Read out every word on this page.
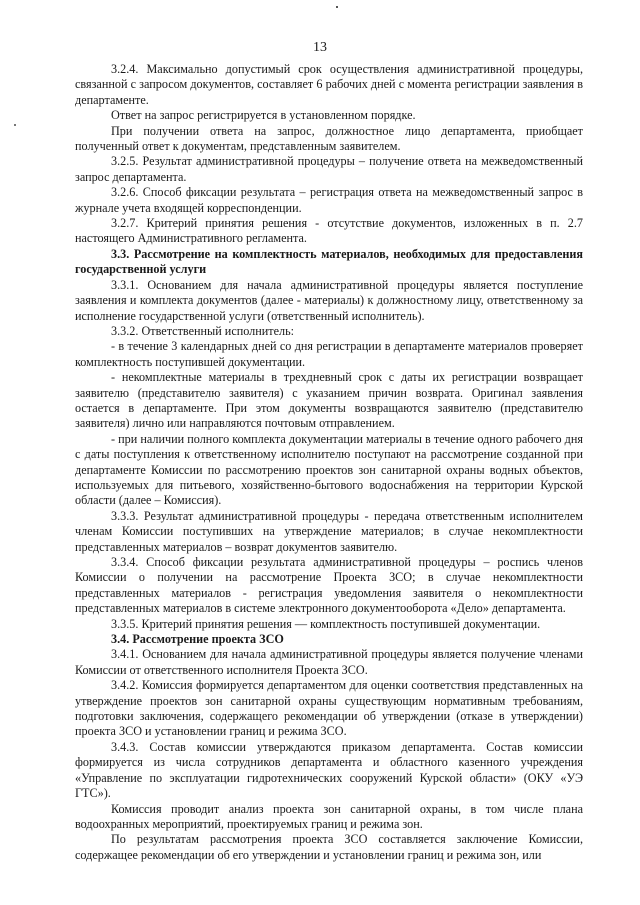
13

3.2.4. Максимально допустимый срок осуществления административной процедуры, связанной с запросом документов, составляет 6 рабочих дней с момента регистрации заявления в департаменте.

Ответ на запрос регистрируется в установленном порядке.

При получении ответа на запрос, должностное лицо департамента, приобщает полученный ответ к документам, представленным заявителем.

3.2.5. Результат административной процедуры – получение ответа на межведомственный запрос департамента.

3.2.6. Способ фиксации результата – регистрация ответа на межведомственный запрос в журнале учета входящей корреспонденции.

3.2.7. Критерий принятия решения - отсутствие документов, изложенных в п. 2.7 настоящего Административного регламента.

3.3. Рассмотрение на комплектность материалов, необходимых для предоставления государственной услуги

3.3.1. Основанием для начала административной процедуры является поступление заявления и комплекта документов (далее - материалы) к должностному лицу, ответственному за исполнение государственной услуги (ответственный исполнитель).

3.3.2. Ответственный исполнитель:

- в течение 3 календарных дней со дня регистрации в департаменте материалов проверяет комплектность поступившей документации.

- некомплектные материалы в трехдневный срок с даты их регистрации возвращает заявителю (представителю заявителя) с указанием причин возврата. Оригинал заявления остается в департаменте. При этом документы возвращаются заявителю (представителю заявителя) лично или направляются почтовым отправлением.

- при наличии полного комплекта документации материалы в течение одного рабочего дня с даты поступления к ответственному исполнителю поступают на рассмотрение созданной при департаменте Комиссии по рассмотрению проектов зон санитарной охраны водных объектов, используемых для питьевого, хозяйственно-бытового водоснабжения на территории Курской области (далее – Комиссия).

3.3.3. Результат административной процедуры - передача ответственным исполнителем членам Комиссии поступивших на утверждение материалов; в случае некомплектности представленных материалов – возврат документов заявителю.

3.3.4. Способ фиксации результата административной процедуры – роспись членов Комиссии о получении на рассмотрение Проекта ЗСО; в случае некомплектности представленных материалов - регистрация уведомления заявителя о некомплектности представленных материалов в системе электронного документооборота «Дело» департамента.

3.3.5. Критерий принятия решения — комплектность поступившей документации.

3.4. Рассмотрение проекта ЗСО

3.4.1. Основанием для начала административной процедуры является получение членами Комиссии от ответственного исполнителя Проекта ЗСО.

3.4.2. Комиссия формируется департаментом для оценки соответствия представленных на утверждение проектов зон санитарной охраны существующим нормативным требованиям, подготовки заключения, содержащего рекомендации об утверждении (отказе в утверждении) проекта ЗСО и установлении границ и режима ЗСО.

3.4.3. Состав комиссии утверждаются приказом департамента. Состав комиссии формируется из числа сотрудников департамента и областного казенного учреждения «Управление по эксплуатации гидротехнических сооружений Курской области» (ОКУ «УЭ ГТС»).

Комиссия проводит анализ проекта зон санитарной охраны, в том числе плана водоохранных мероприятий, проектируемых границ и режима зон.

По результатам рассмотрения проекта ЗСО составляется заключение Комиссии, содержащее рекомендации об его утверждении и установлении границ и режима зон, или
